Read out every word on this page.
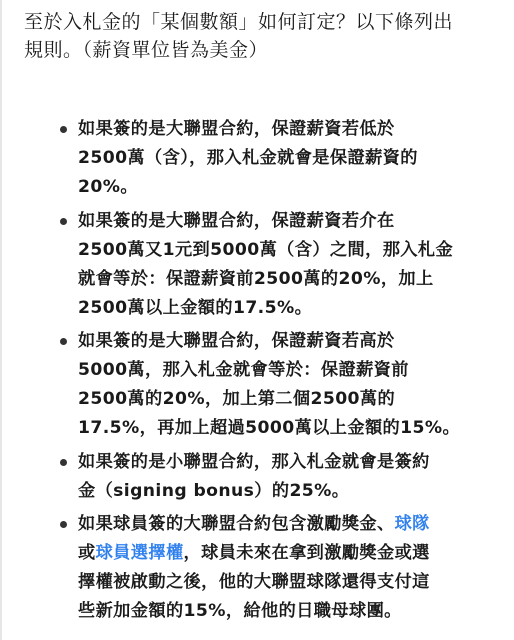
至於入札金的「某個數額」如何訂定？以下條列出

規則。（薪資單位皆為美金）

如果簽的是大聯盟合約，保證薪資若低於
2500萬（含），那入札金就會是保證薪資的
20%。
如果簽的是大聯盟合約，保證薪資若介在
2500萬又1元到5000萬（含）之間，那入札金
就會等於：保證薪資前2500萬的20%，加上
2500萬以上金額的17.5%。
如果簽的是大聯盟合約，保證薪資若高於
5000萬，那入札金就會等於：保證薪資前
2500萬的20%，加上第二個2500萬的
17.5%，再加上超過5000萬以上金額的15%。
如果簽的是小聯盟合約，那入札金就會是簽約
金（signing bonus）的25%。
如果球員簽的大聯盟合約包含激勵獎金、球隊
或球員選擇權，球員未來在拿到激勵獎金或選
擇權被啟動之後，他的大聯盟球隊還得支付這
些新加金額的15%，給他的日職母球團。
